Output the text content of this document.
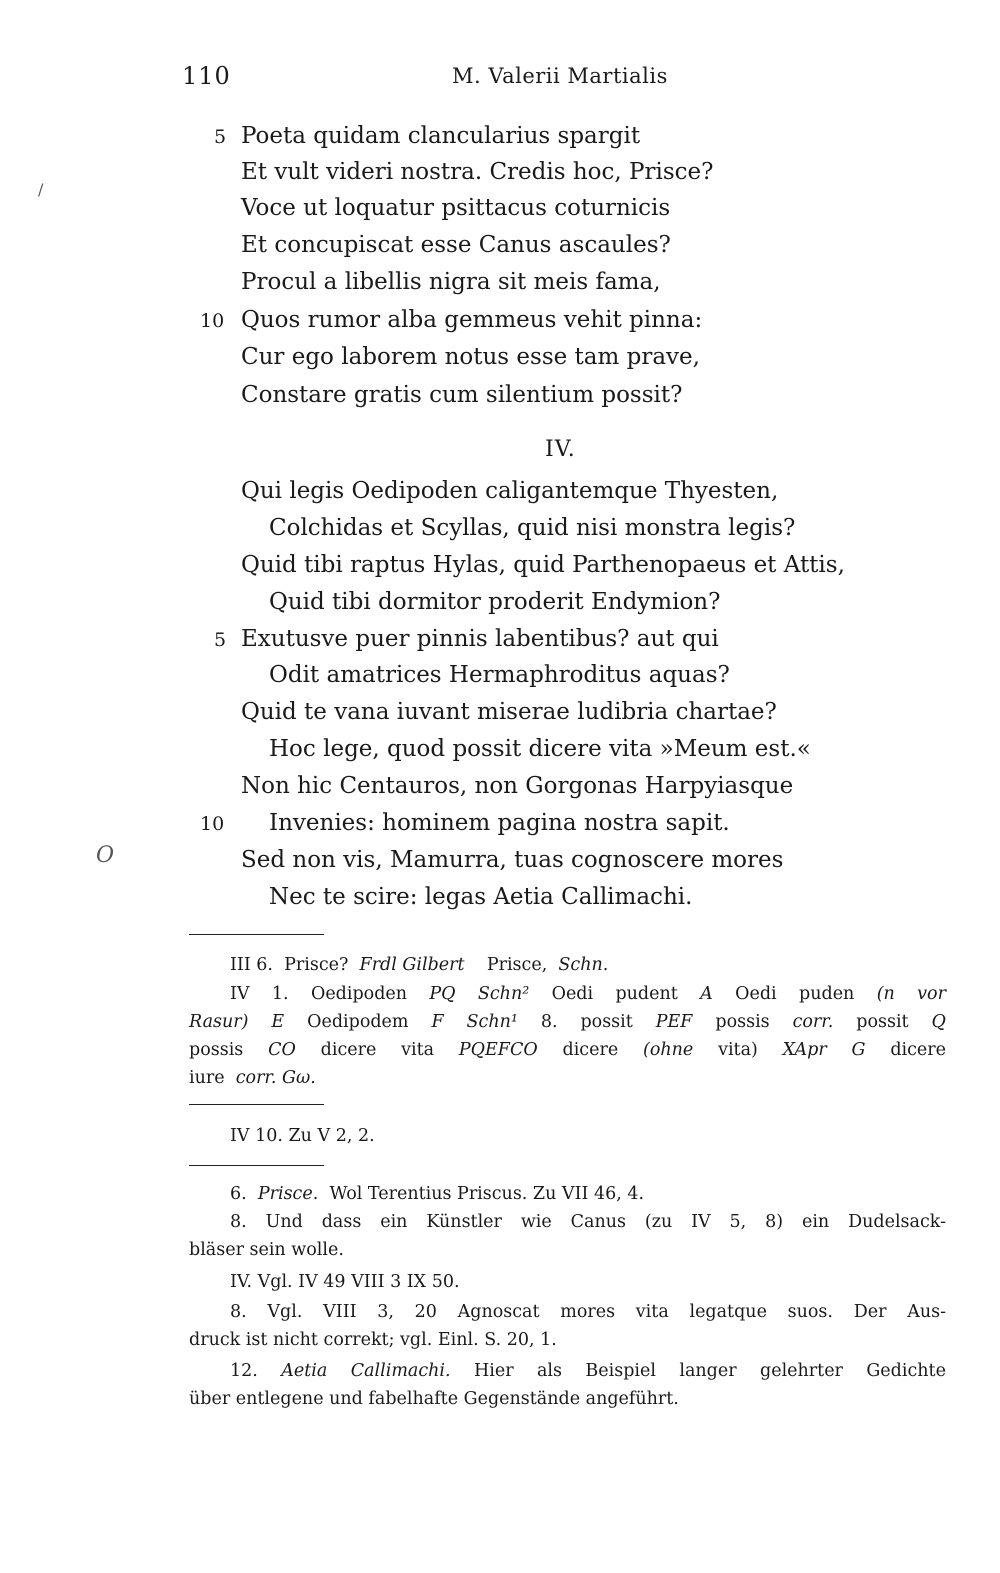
110	M. Valerii Martialis
/
5 Poeta quidam clancularius spargit
Et vult videri nostra. Credis hoc, Prisce?
Voce ut loquatur psittacus coturnicis
Et concupiscat esse Canus ascaules?
Procul a libellis nigra sit meis fama,
10 Quos rumor alba gemmeus vehit pinna:
Cur ego laborem notus esse tam prave,
Constare gratis cum silentium possit?
IV.
Qui legis Oedipoden caligantemque Thyesten,
Colchidas et Scyllas, quid nisi monstra legis?
Quid tibi raptus Hylas, quid Parthenopaeus et Attis,
Quid tibi dormitor proderit Endymion?
5 Exutusve puer pinnis labentibus? aut qui
Odit amatrices Hermaphroditus aquas?
Quid te vana iuvant miserae ludibria chartae?
Hoc lege, quod possit dicere vita »Meum est.«
Non hic Centauros, non Gorgonas Harpyiasque
10 Invenies: hominem pagina nostra sapit.
Sed non vis, Mamurra, tuas cognoscere mores
Nec te scire: legas Aetia Callimachi.
O
III 6. Prisce? Frdl Gilbert Prisce, Schn.
IV 1. Oedipoden PQ Schn² Oedi pudent A Oedi puden (n vor
Rasur) E Oedipodem F Schn¹ 8. possit PEF possis corr. possit Q
possis CO dicere vita PQEFCO dicere (ohne vita) XApr G dicere
iure corr. Gω.
IV 10. Zu V 2, 2.
6. Prisce. Wol Terentius Priscus. Zu VII 46, 4.
8. Und dass ein Künstler wie Canus (zu IV 5, 8) ein Dudelsack-
bläser sein wolle.
IV. Vgl. IV 49 VIII 3 IX 50.
8. Vgl. VIII 3, 20 Agnoscat mores vita legatque suos. Der Aus-
druck ist nicht correkt; vgl. Einl. S. 20, 1.
12. Aetia Callimachi. Hier als Beispiel langer gelehrter Gedichte
über entlegene und fabelhafte Gegenstände angeführt.
